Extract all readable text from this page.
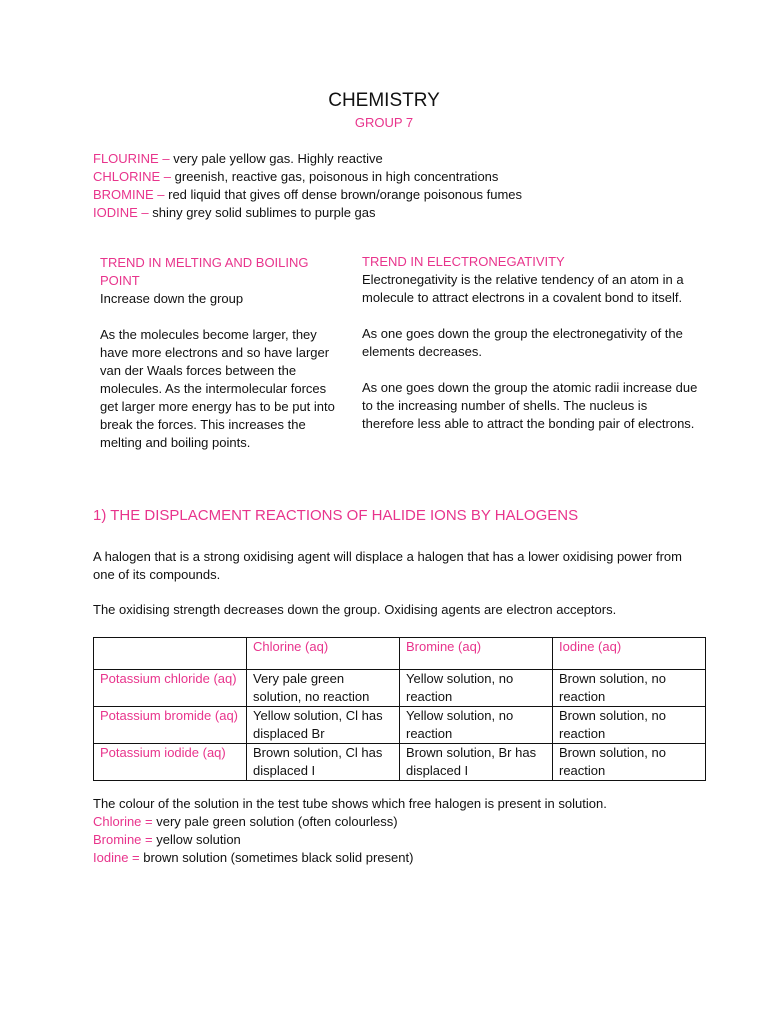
CHEMISTRY
GROUP 7
FLOURINE – very pale yellow gas. Highly reactive
CHLORINE – greenish, reactive gas, poisonous in high concentrations
BROMINE – red liquid that gives off dense brown/orange poisonous fumes
IODINE – shiny grey solid sublimes to purple gas

TREND IN MELTING AND BOILING POINT

Increase down the group

As the molecules become larger, they have more electrons and so have larger van der Waals forces between the molecules. As the intermolecular forces get larger more energy has to be put into break the forces. This increases the melting and boiling points.

TREND IN ELECTRONEGATIVITY

Electronegativity is the relative tendency of an atom in a molecule to attract electrons in a covalent bond to itself.

As one goes down the group the electronegativity of the elements decreases.

As one goes down the group the atomic radii increase due to the increasing number of shells. The nucleus is therefore less able to attract the bonding pair of electrons.

1) THE DISPLACMENT REACTIONS OF HALIDE IONS BY HALOGENS

A halogen that is a strong oxidising agent will displace a halogen that has a lower oxidising power from one of its compounds.

The oxidising strength decreases down the group. Oxidising agents are electron acceptors.

	Chlorine (aq)	Bromine (aq)	Iodine (aq)
Potassium chloride (aq)	Very pale green solution, no reaction	Yellow solution, no reaction	Brown solution, no reaction
Potassium bromide (aq)	Yellow solution, Cl has displaced Br	Yellow solution, no reaction	Brown solution, no reaction
Potassium iodide (aq)	Brown solution, Cl has displaced I	Brown solution, Br has displaced I	Brown solution, no reaction
The colour of the solution in the test tube shows which free halogen is present in solution.
Chlorine = very pale green solution (often colourless)
Bromine = yellow solution
Iodine = brown solution (sometimes black solid present)
